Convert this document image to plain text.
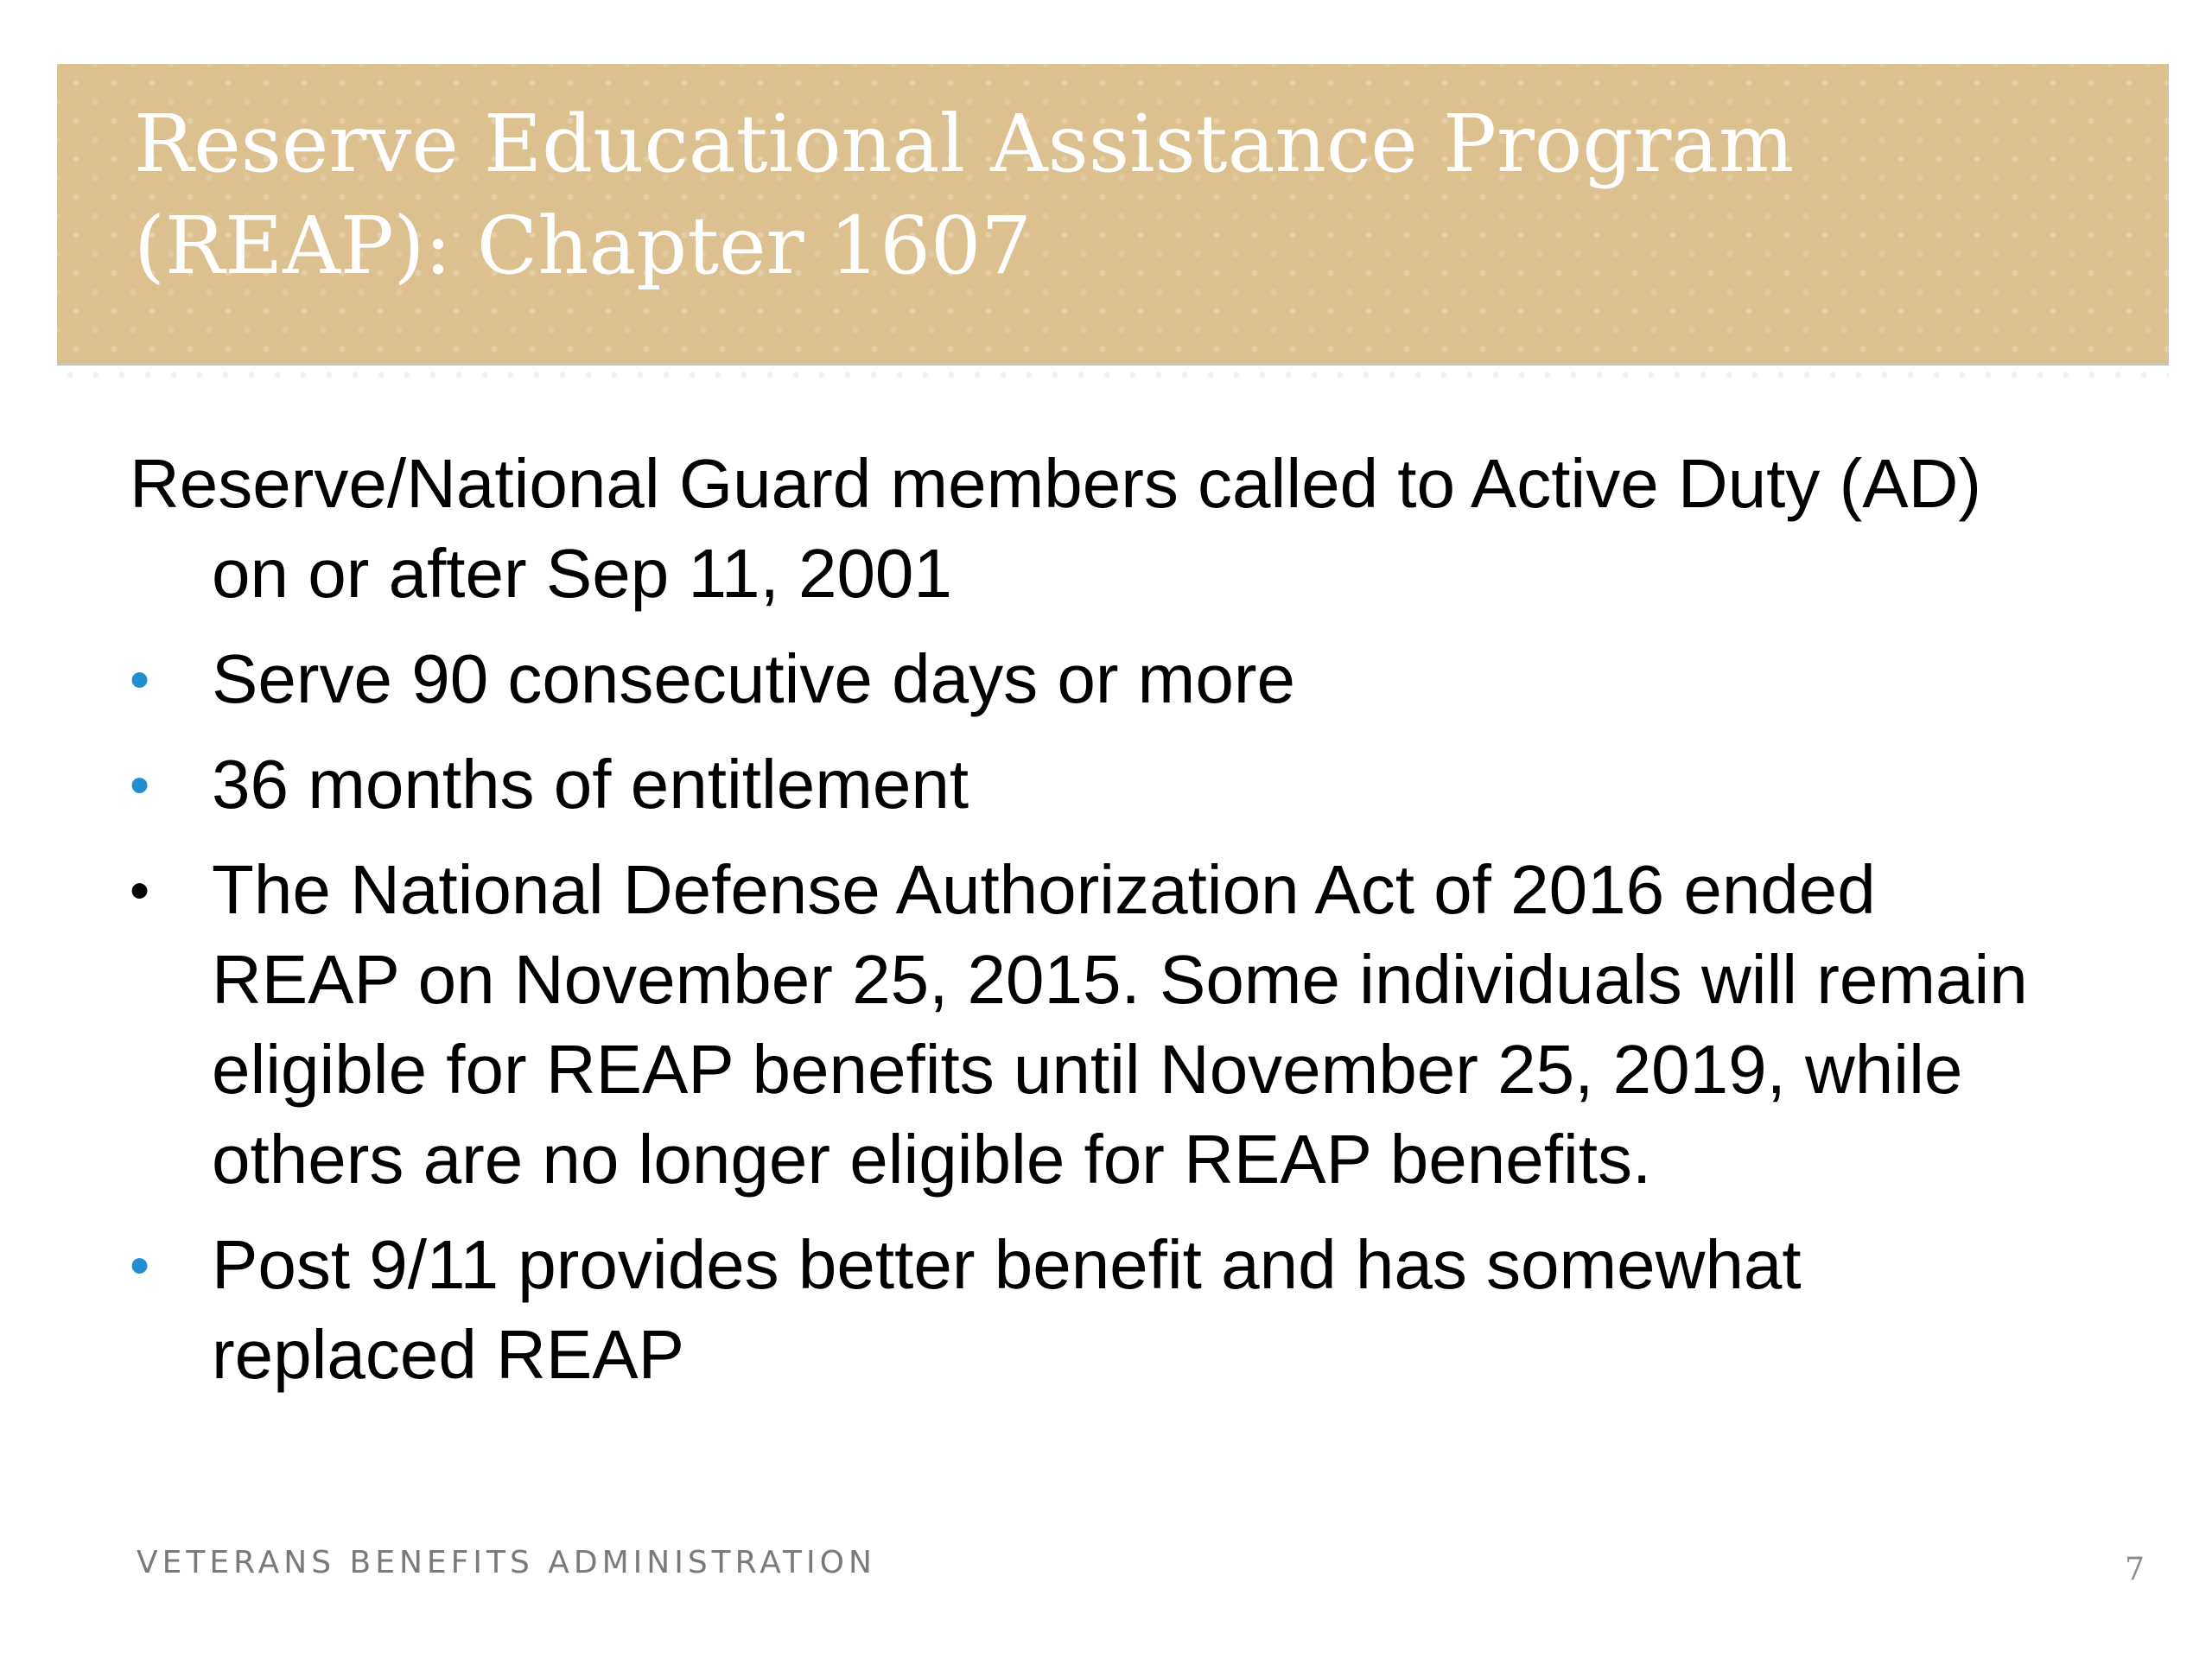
Reserve Educational Assistance Program (REAP): Chapter 1607

Reserve/National Guard members called to Active Duty (AD) on or after Sep 11, 2001

• Serve 90 consecutive days or more
• 36 months of entitlement
• The National Defense Authorization Act of 2016 ended REAP on November 25, 2015. Some individuals will remain eligible for REAP benefits until November 25, 2019, while others are no longer eligible for REAP benefits.
• Post 9/11 provides better benefit and has somewhat replaced REAP

VETERANS BENEFITS ADMINISTRATION	7
